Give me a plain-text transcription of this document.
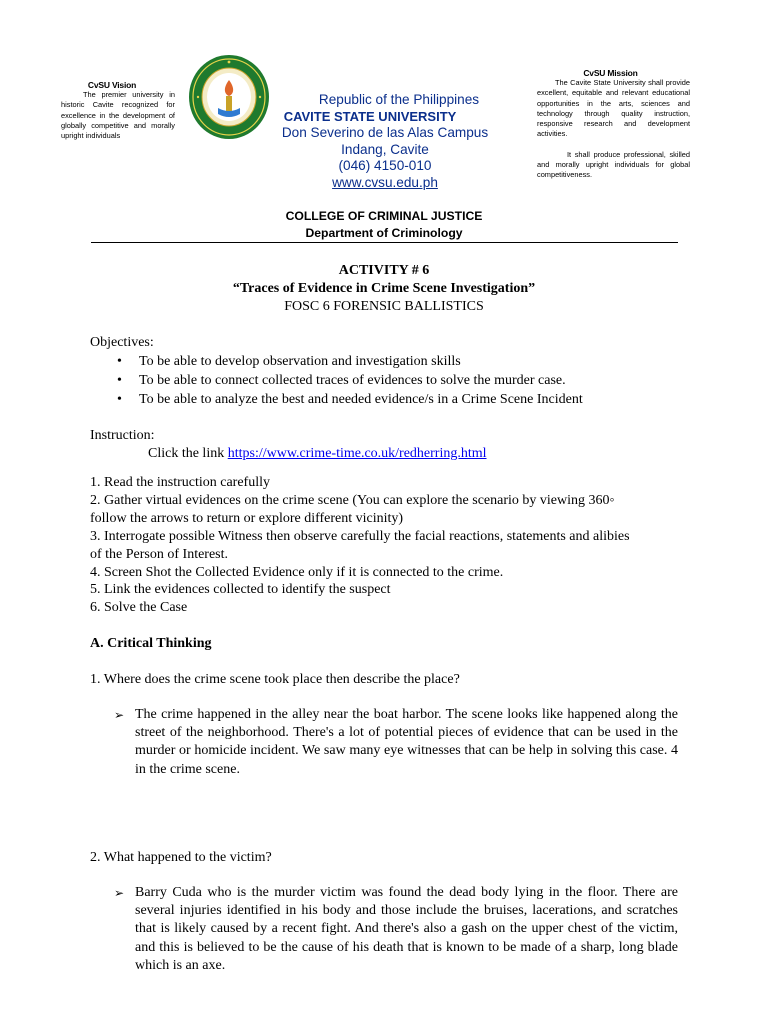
CvSU Vision

The premier university in historic Cavite recognized for excellence in the development of globally competitive and morally upright individuals

Republic of the Philippines
CAVITE STATE UNIVERSITY
Don Severino de las Alas Campus
Indang, Cavite
(046) 4150-010
www.cvsu.edu.ph
CvSU Mission

The Cavite State University shall provide excellent, equitable and relevant educational opportunities in the arts, sciences and technology through quality instruction, responsive research and development activities.

It shall produce professional, skilled and morally upright individuals for global competitiveness.

COLLEGE OF CRIMINAL JUSTICE
Department of Criminology
ACTIVITY # 6
“Traces of Evidence in Crime Scene Investigation”
FOSC 6 FORENSIC BALLISTICS
Objectives:
• To be able to develop observation and investigation skills
• To be able to connect collected traces of evidences to solve the murder case.
• To be able to analyze the best and needed evidence/s in a Crime Scene Incident
Instruction:
Click the link https://www.crime-time.co.uk/redherring.html
1. Read the instruction carefully
2. Gather virtual evidences on the crime scene (You can explore the scenario by viewing 360◦
follow the arrows to return or explore different vicinity)
3. Interrogate possible Witness then observe carefully the facial reactions, statements and alibies
of the Person of Interest.
4. Screen Shot the Collected Evidence only if it is connected to the crime.
5. Link the evidences collected to identify the suspect
6. Solve the Case
A. Critical Thinking
1. Where does the crime scene took place then describe the place?
➢ The crime happened in the alley near the boat harbor. The scene looks like happened along the street of the neighborhood. There's a lot of potential pieces of evidence that can be used in the murder or homicide incident. We saw many eye witnesses that can be help in solving this case. 4 in the crime scene.
2. What happened to the victim?
➢ Barry Cuda who is the murder victim was found the dead body lying in the floor. There are several injuries identified in his body and those include the bruises, lacerations, and scratches that is likely caused by a recent fight. And there's also a gash on the upper chest of the victim, and this is believed to be the cause of his death that is known to be made of a sharp, long blade which is an axe.
